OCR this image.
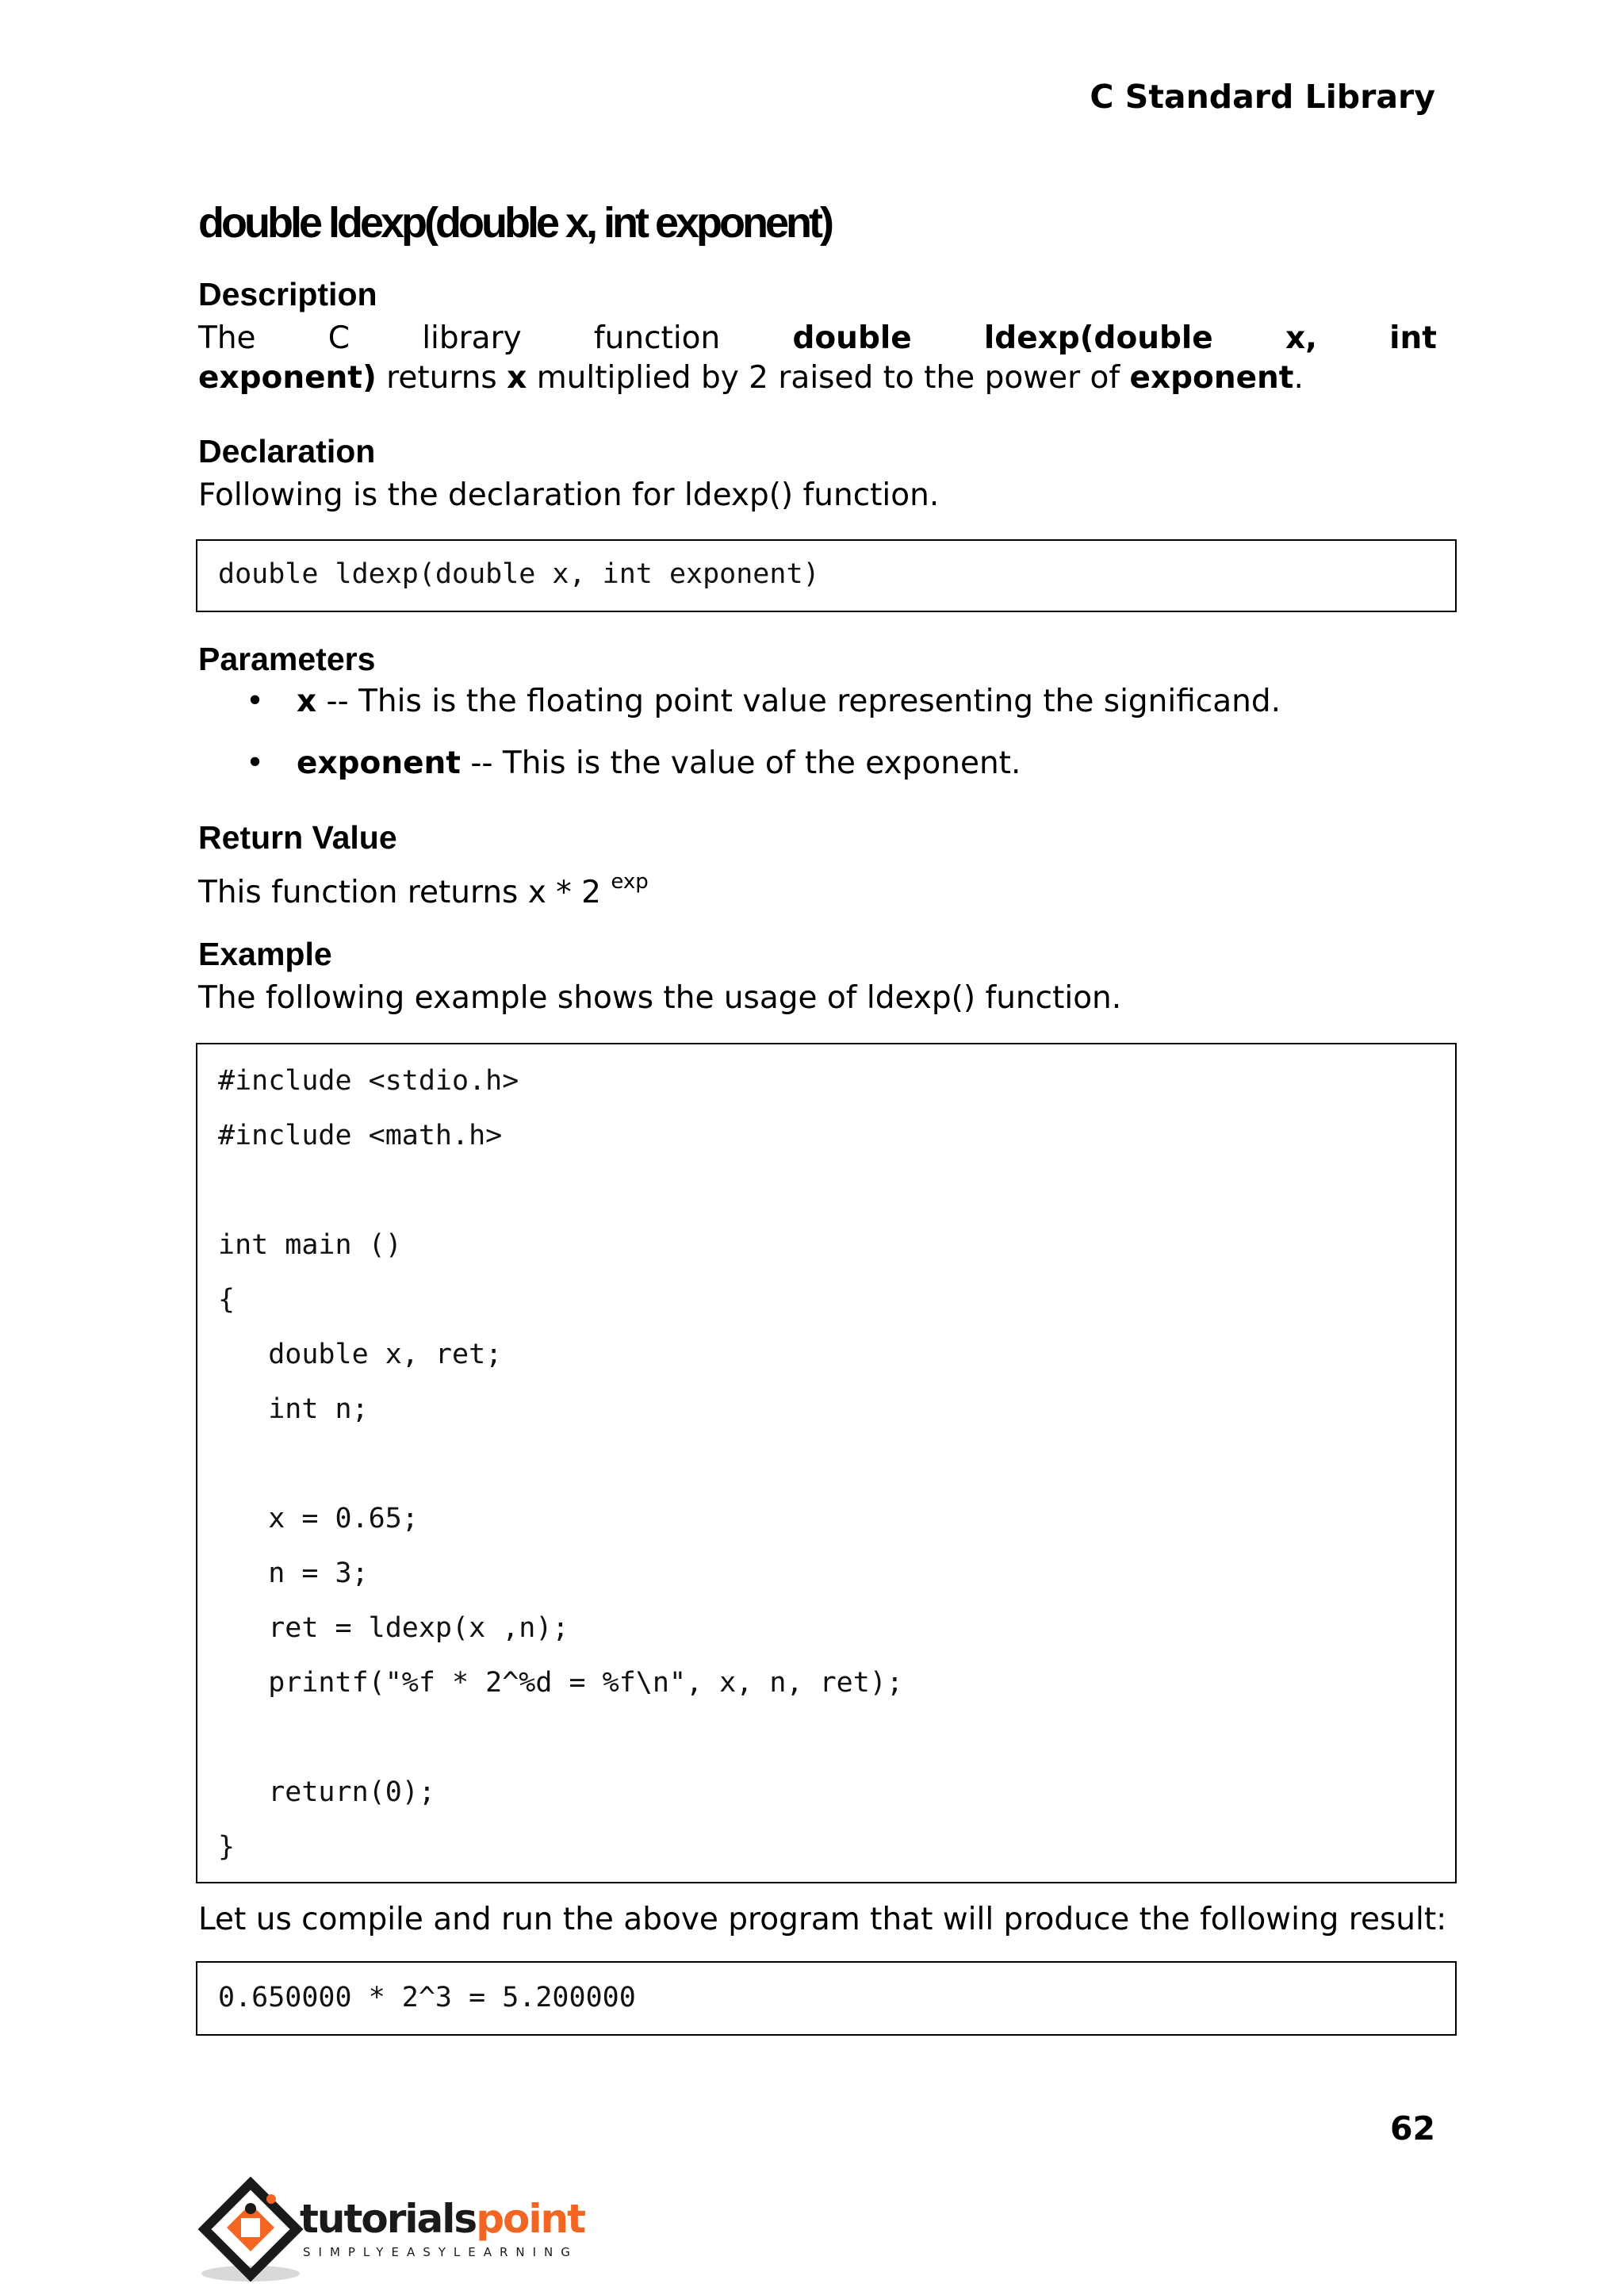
C Standard Library
double ldexp(double x, int exponent)
Description
The C library function double ldexp(double x, int
exponent) returns x multiplied by 2 raised to the power of exponent.
Declaration
Following is the declaration for ldexp() function.
double ldexp(double x, int exponent)
Parameters
•	x -- This is the floating point value representing the significand.
•	exponent -- This is the value of the exponent.
Return Value
This function returns x * 2 $^{exp}$
Example
The following example shows the usage of ldexp() function.
#include <stdio.h>
#include <math.h>
int main ()
{
double x, ret;
int n;
x = 0.65;
n = 3;
ret = ldexp(x ,n);
printf("%f * 2^%d = %f\n", x, n, ret);
return(0);
}
Let us compile and run the above program that will produce the following result:
0.650000 * 2^3 = 5.200000
62
tutorialspoint
SIMPLYEASYLEARNING
